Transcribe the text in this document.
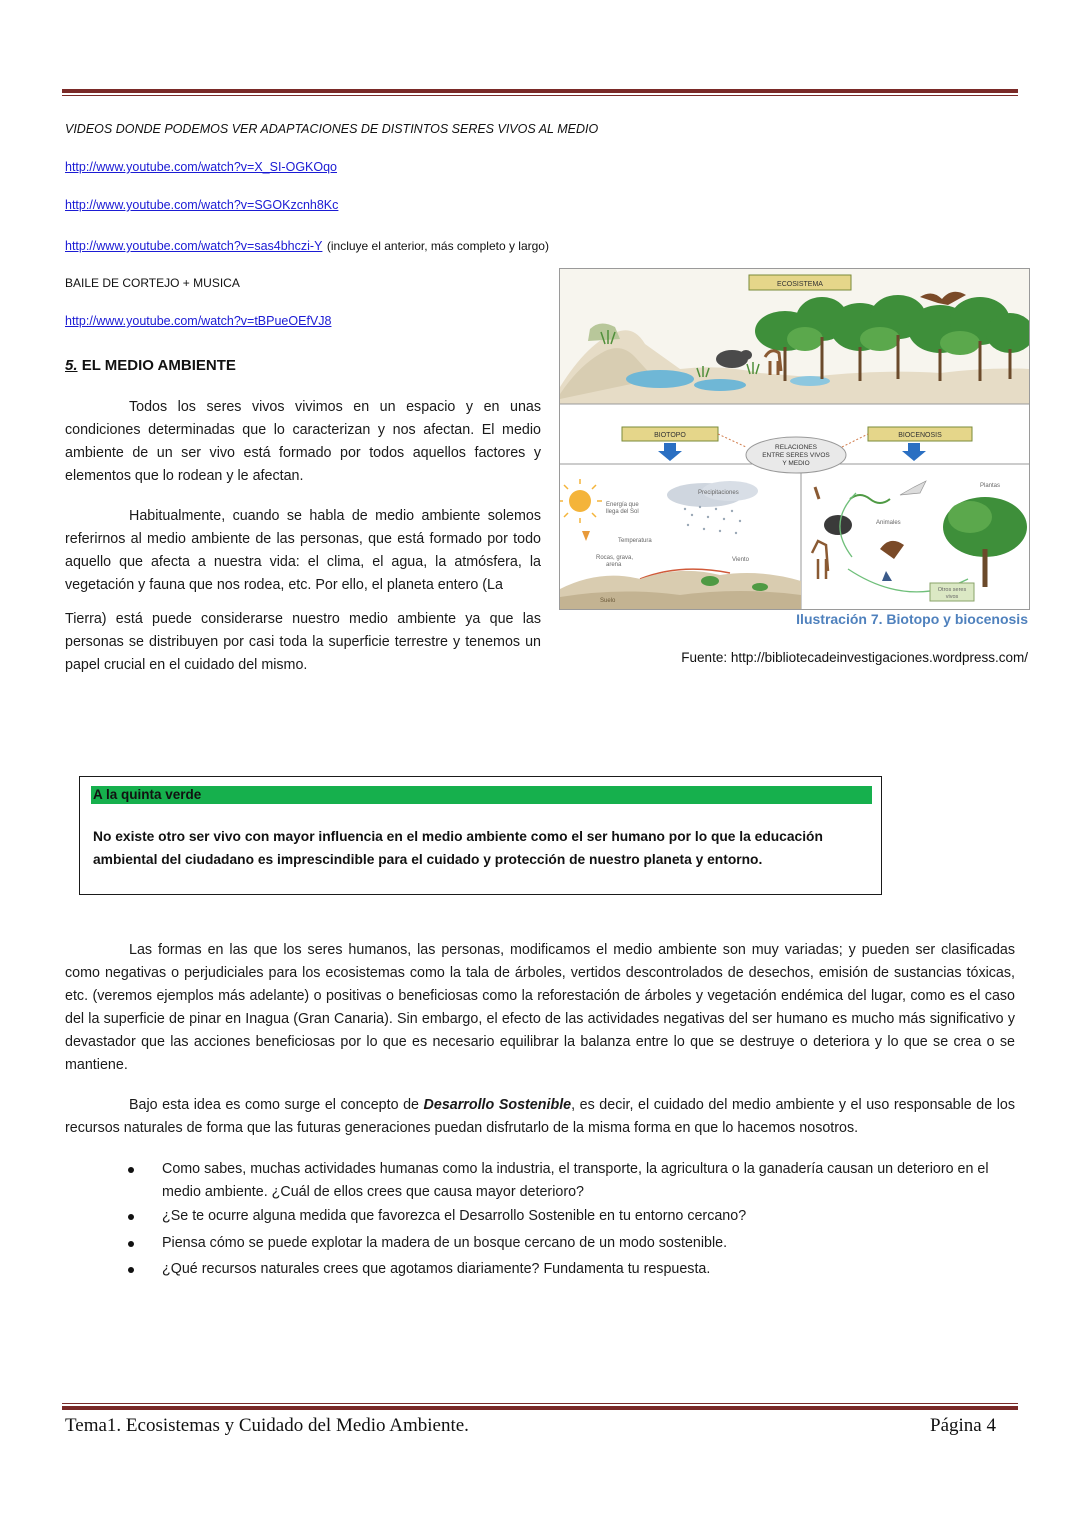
VIDEOS DONDE PODEMOS VER ADAPTACIONES DE DISTINTOS SERES VIVOS AL MEDIO
http://www.youtube.com/watch?v=X_SI-OGKOqo
http://www.youtube.com/watch?v=SGOKzcnh8Kc
http://www.youtube.com/watch?v=sas4bhczi-Y (incluye el anterior, más completo y largo)
BAILE DE CORTEJO + MUSICA
http://www.youtube.com/watch?v=tBPueOEfVJ8
5. EL MEDIO AMBIENTE
Todos los seres vivos vivimos en un espacio y en unas condiciones determinadas que lo caracterizan y nos afectan. El medio ambiente de un ser vivo está formado por todos aquellos factores y elementos que lo rodean y le afectan.
Habitualmente, cuando se habla de medio ambiente solemos referirnos al medio ambiente de las personas, que está formado por todo aquello que afecta a nuestra vida: el clima, el agua, la atmósfera, la vegetación y fauna que nos rodea, etc. Por ello, el planeta entero (La
Tierra) está puede considerarse nuestro medio ambiente ya que las personas se distribuyen por casi toda la superficie terrestre y tenemos un papel crucial en el cuidado del mismo.
ECOSISTEMA
BIOTOPO	BIOCENOSIS
RELACIONES
ENTRE SERES VIVOS
Y MEDIO
Energía que
llega del Sol
Temperatura
Precipitaciones
Rocas, grava,
arena
Viento
Suelo
Plantas
Animales
Otros seres
vivos
Ilustración 7. Biotopo y biocenosis
Fuente: http://bibliotecadeinvestigaciones.wordpress.com/
A la quinta verde
No existe otro ser vivo con mayor influencia en el medio ambiente como el ser humano por lo que la educación ambiental del ciudadano es imprescindible para el cuidado y protección de nuestro planeta y entorno.
Las formas en las que los seres humanos, las personas, modificamos el medio ambiente son muy variadas; y pueden ser clasificadas como negativas o perjudiciales para los ecosistemas como la tala de árboles, vertidos descontrolados de desechos, emisión de sustancias tóxicas, etc. (veremos ejemplos más adelante) o positivas o beneficiosas como la reforestación de árboles y vegetación endémica del lugar, como es el caso del la superficie de pinar en Inagua (Gran Canaria). Sin embargo, el efecto de las actividades negativas del ser humano es mucho más significativo y devastador que las acciones beneficiosas por lo que es necesario equilibrar la balanza entre lo que se destruye o deteriora y lo que se crea o se mantiene.
Bajo esta idea es como surge el concepto de Desarrollo Sostenible, es decir, el cuidado del medio ambiente y el uso responsable de los recursos naturales de forma que las futuras generaciones puedan disfrutarlo de la misma forma en que lo hacemos nosotros.
Como sabes, muchas actividades humanas como la industria, el transporte, la agricultura o la ganadería causan un deterioro en el medio ambiente. ¿Cuál de ellos crees que causa mayor deterioro?
¿Se te ocurre alguna medida que favorezca el Desarrollo Sostenible en tu entorno cercano?
Piensa cómo se puede explotar la madera de un bosque cercano de un modo sostenible.
¿Qué recursos naturales crees que agotamos diariamente? Fundamenta tu respuesta.
Tema1. Ecosistemas y Cuidado del Medio Ambiente.	Página 4
